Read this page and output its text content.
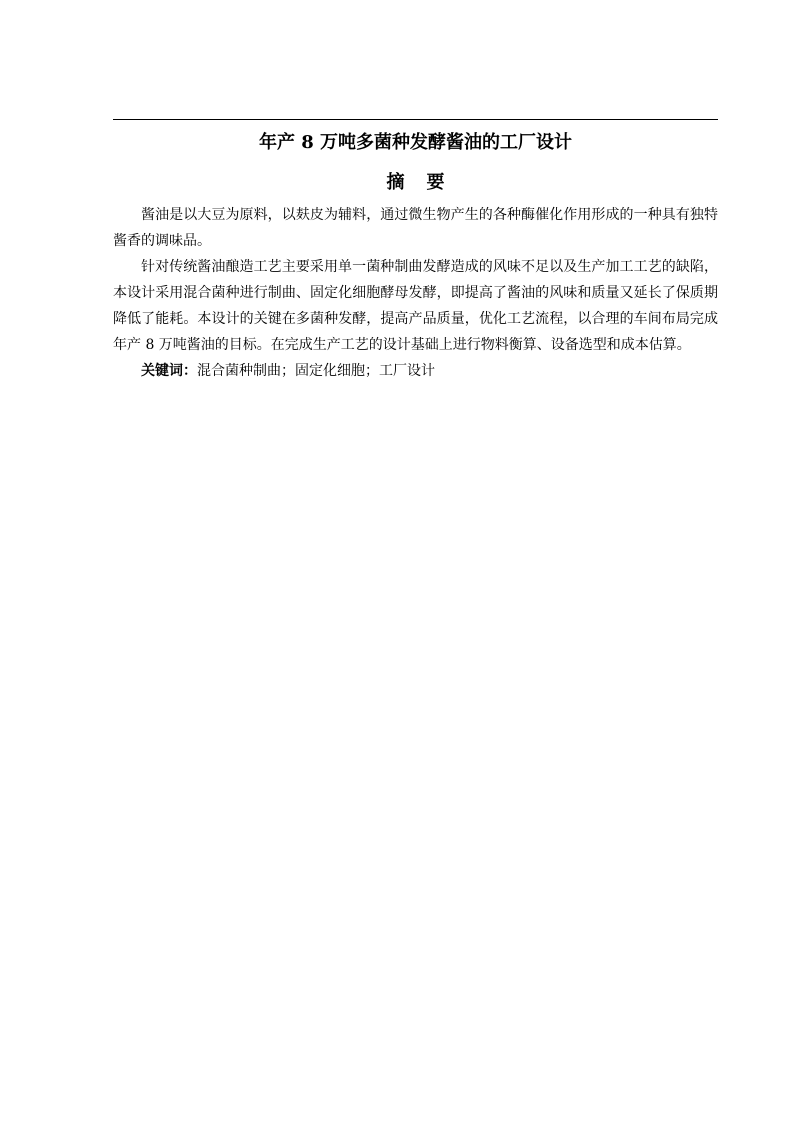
年产 8 万吨多菌种发酵酱油的工厂设计
摘要

酱油是以大豆为原料，以麸皮为辅料，通过微生物产生的各种酶催化作用形成的一种具有独特酱香的调味品。

针对传统酱油酿造工艺主要采用单一菌种制曲发酵造成的风味不足以及生产加工工艺的缺陷，本设计采用混合菌种进行制曲、固定化细胞酵母发酵，即提高了酱油的风味和质量又延长了保质期降低了能耗。本设计的关键在多菌种发酵，提高产品质量，优化工艺流程，以合理的车间布局完成年产 8 万吨酱油的目标。在完成生产工艺的设计基础上进行物料衡算、设备选型和成本估算。

关键词：混合菌种制曲；固定化细胞；工厂设计
